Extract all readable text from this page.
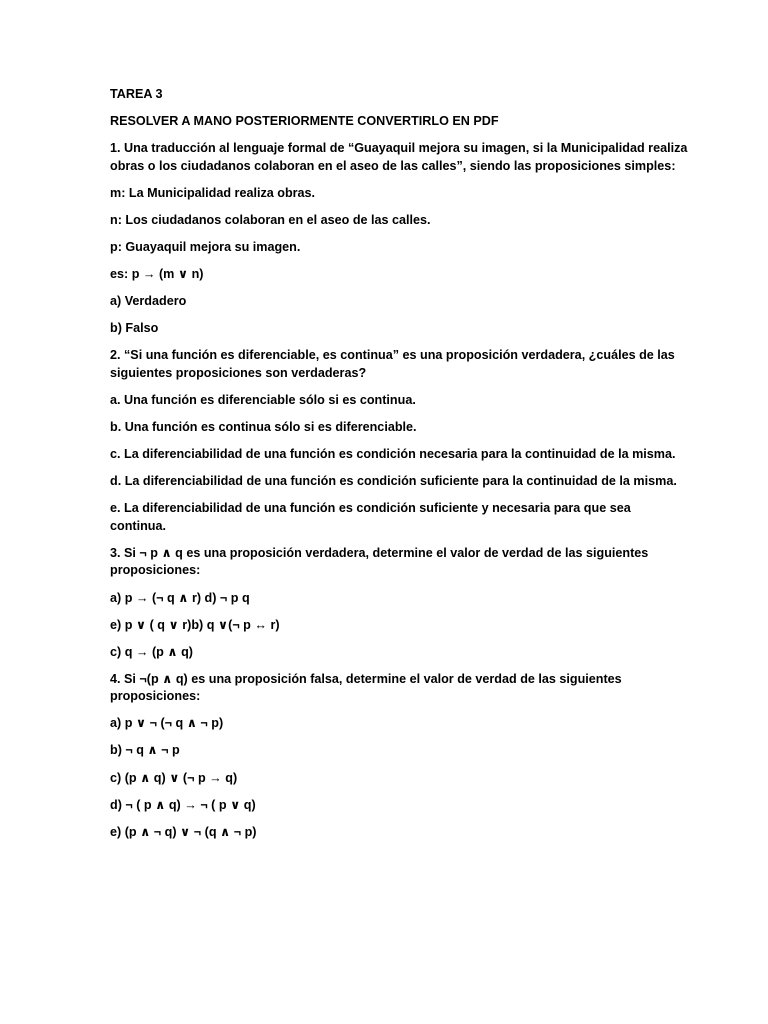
TAREA 3

RESOLVER A MANO POSTERIORMENTE CONVERTIRLO EN PDF

1. Una traducción al lenguaje formal de “Guayaquil mejora su imagen, si la Municipalidad realiza obras o los ciudadanos colaboran en el aseo de las calles”, siendo las proposiciones simples:

m: La Municipalidad realiza obras.

n: Los ciudadanos colaboran en el aseo de las calles.

p: Guayaquil mejora su imagen.

es: p → (m ∨ n)

a) Verdadero

b) Falso

2. “Si una función es diferenciable, es continua” es una proposición verdadera, ¿cuáles de las siguientes proposiciones son verdaderas?

a. Una función es diferenciable sólo si es continua.

b. Una función es continua sólo si es diferenciable.

c. La diferenciabilidad de una función es condición necesaria para la continuidad de la misma.

d. La diferenciabilidad de una función es condición suficiente para la continuidad de la misma.

e. La diferenciabilidad de una función es condición suficiente y necesaria para que sea continua.

3. Si ¬ p ∧ q es una proposición verdadera, determine el valor de verdad de las siguientes proposiciones:

a) p → (¬ q ∧ r) d) ¬ p q

e) p ∨ ( q ∨ r)b) q ∨(¬ p ↔ r)

c) q → (p ∧ q)

4. Si ¬(p ∧ q) es una proposición falsa, determine el valor de verdad de las siguientes proposiciones:

a) p ∨ ¬ (¬ q ∧ ¬ p)

b) ¬ q ∧ ¬ p

c) (p ∧ q) ∨ (¬ p → q)

d) ¬ ( p ∧ q) → ¬ ( p ∨ q)

e) (p ∧ ¬ q) ∨ ¬ (q ∧ ¬ p)
